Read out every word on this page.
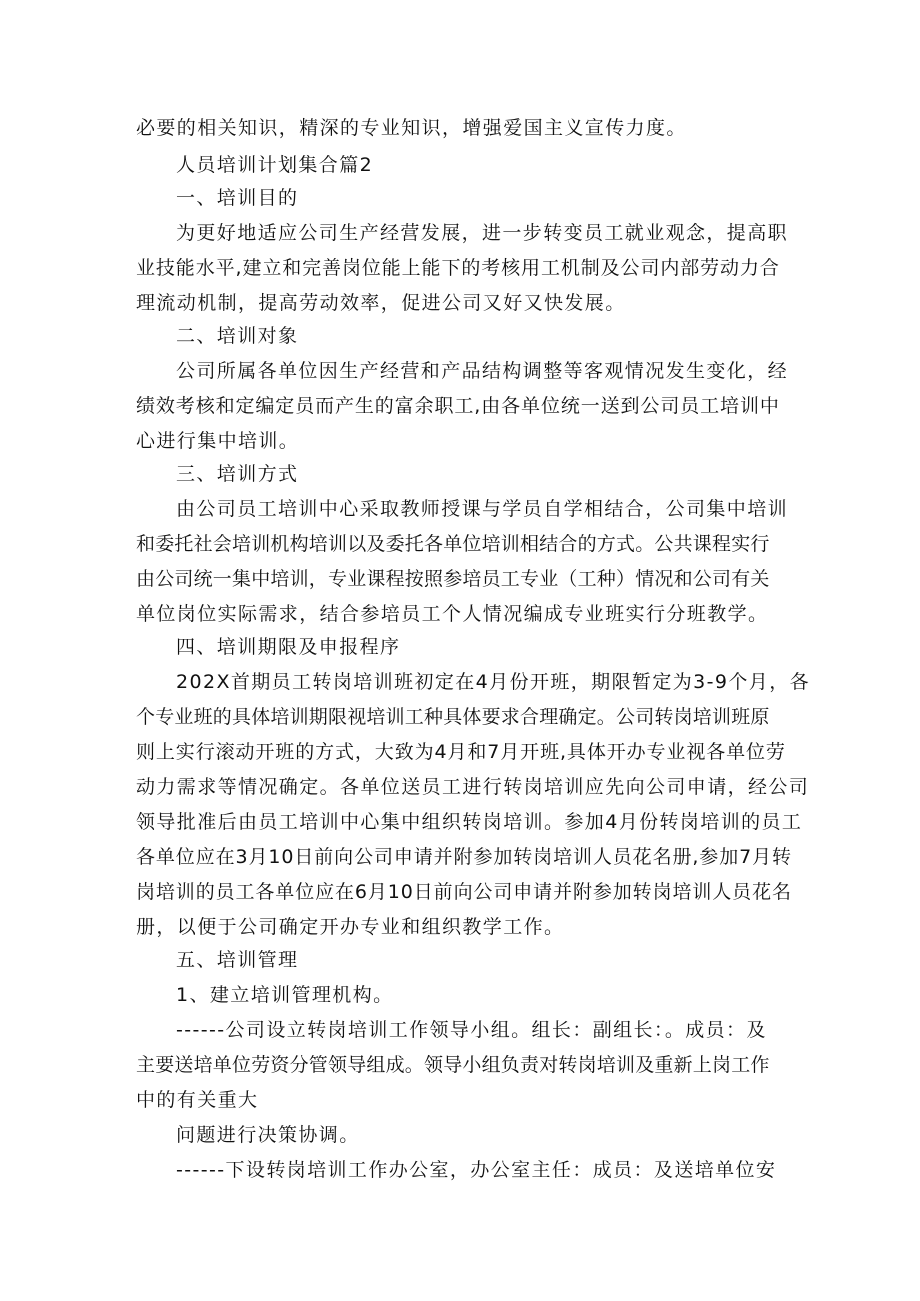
必要的相关知识，精深的专业知识，增强爱国主义宣传力度。
人员培训计划集合篇2
一、培训目的
为更好地适应公司生产经营发展，进一步转变员工就业观念，提高职
业技能水平,建立和完善岗位能上能下的考核用工机制及公司内部劳动力合
理流动机制，提高劳动效率，促进公司又好又快发展。
二、培训对象
公司所属各单位因生产经营和产品结构调整等客观情况发生变化，经
绩效考核和定编定员而产生的富余职工,由各单位统一送到公司员工培训中
心进行集中培训。
三、培训方式
由公司员工培训中心采取教师授课与学员自学相结合，公司集中培训
和委托社会培训机构培训以及委托各单位培训相结合的方式。公共课程实行
由公司统一集中培训，专业课程按照参培员工专业（工种）情况和公司有关
单位岗位实际需求，结合参培员工个人情况编成专业班实行分班教学。
四、培训期限及申报程序
202X首期员工转岗培训班初定在4月份开班，期限暂定为3-9个月，各
个专业班的具体培训期限视培训工种具体要求合理确定。公司转岗培训班原
则上实行滚动开班的方式，大致为4月和7月开班,具体开办专业视各单位劳
动力需求等情况确定。各单位送员工进行转岗培训应先向公司申请，经公司
领导批准后由员工培训中心集中组织转岗培训。参加4月份转岗培训的员工
各单位应在3月10日前向公司申请并附参加转岗培训人员花名册,参加7月转
岗培训的员工各单位应在6月10日前向公司申请并附参加转岗培训人员花名
册，以便于公司确定开办专业和组织教学工作。
五、培训管理
1、建立培训管理机构。
------公司设立转岗培训工作领导小组。组长：副组长：。成员：及
主要送培单位劳资分管领导组成。领导小组负责对转岗培训及重新上岗工作
中的有关重大
问题进行决策协调。
------下设转岗培训工作办公室，办公室主任：成员：及送培单位安
